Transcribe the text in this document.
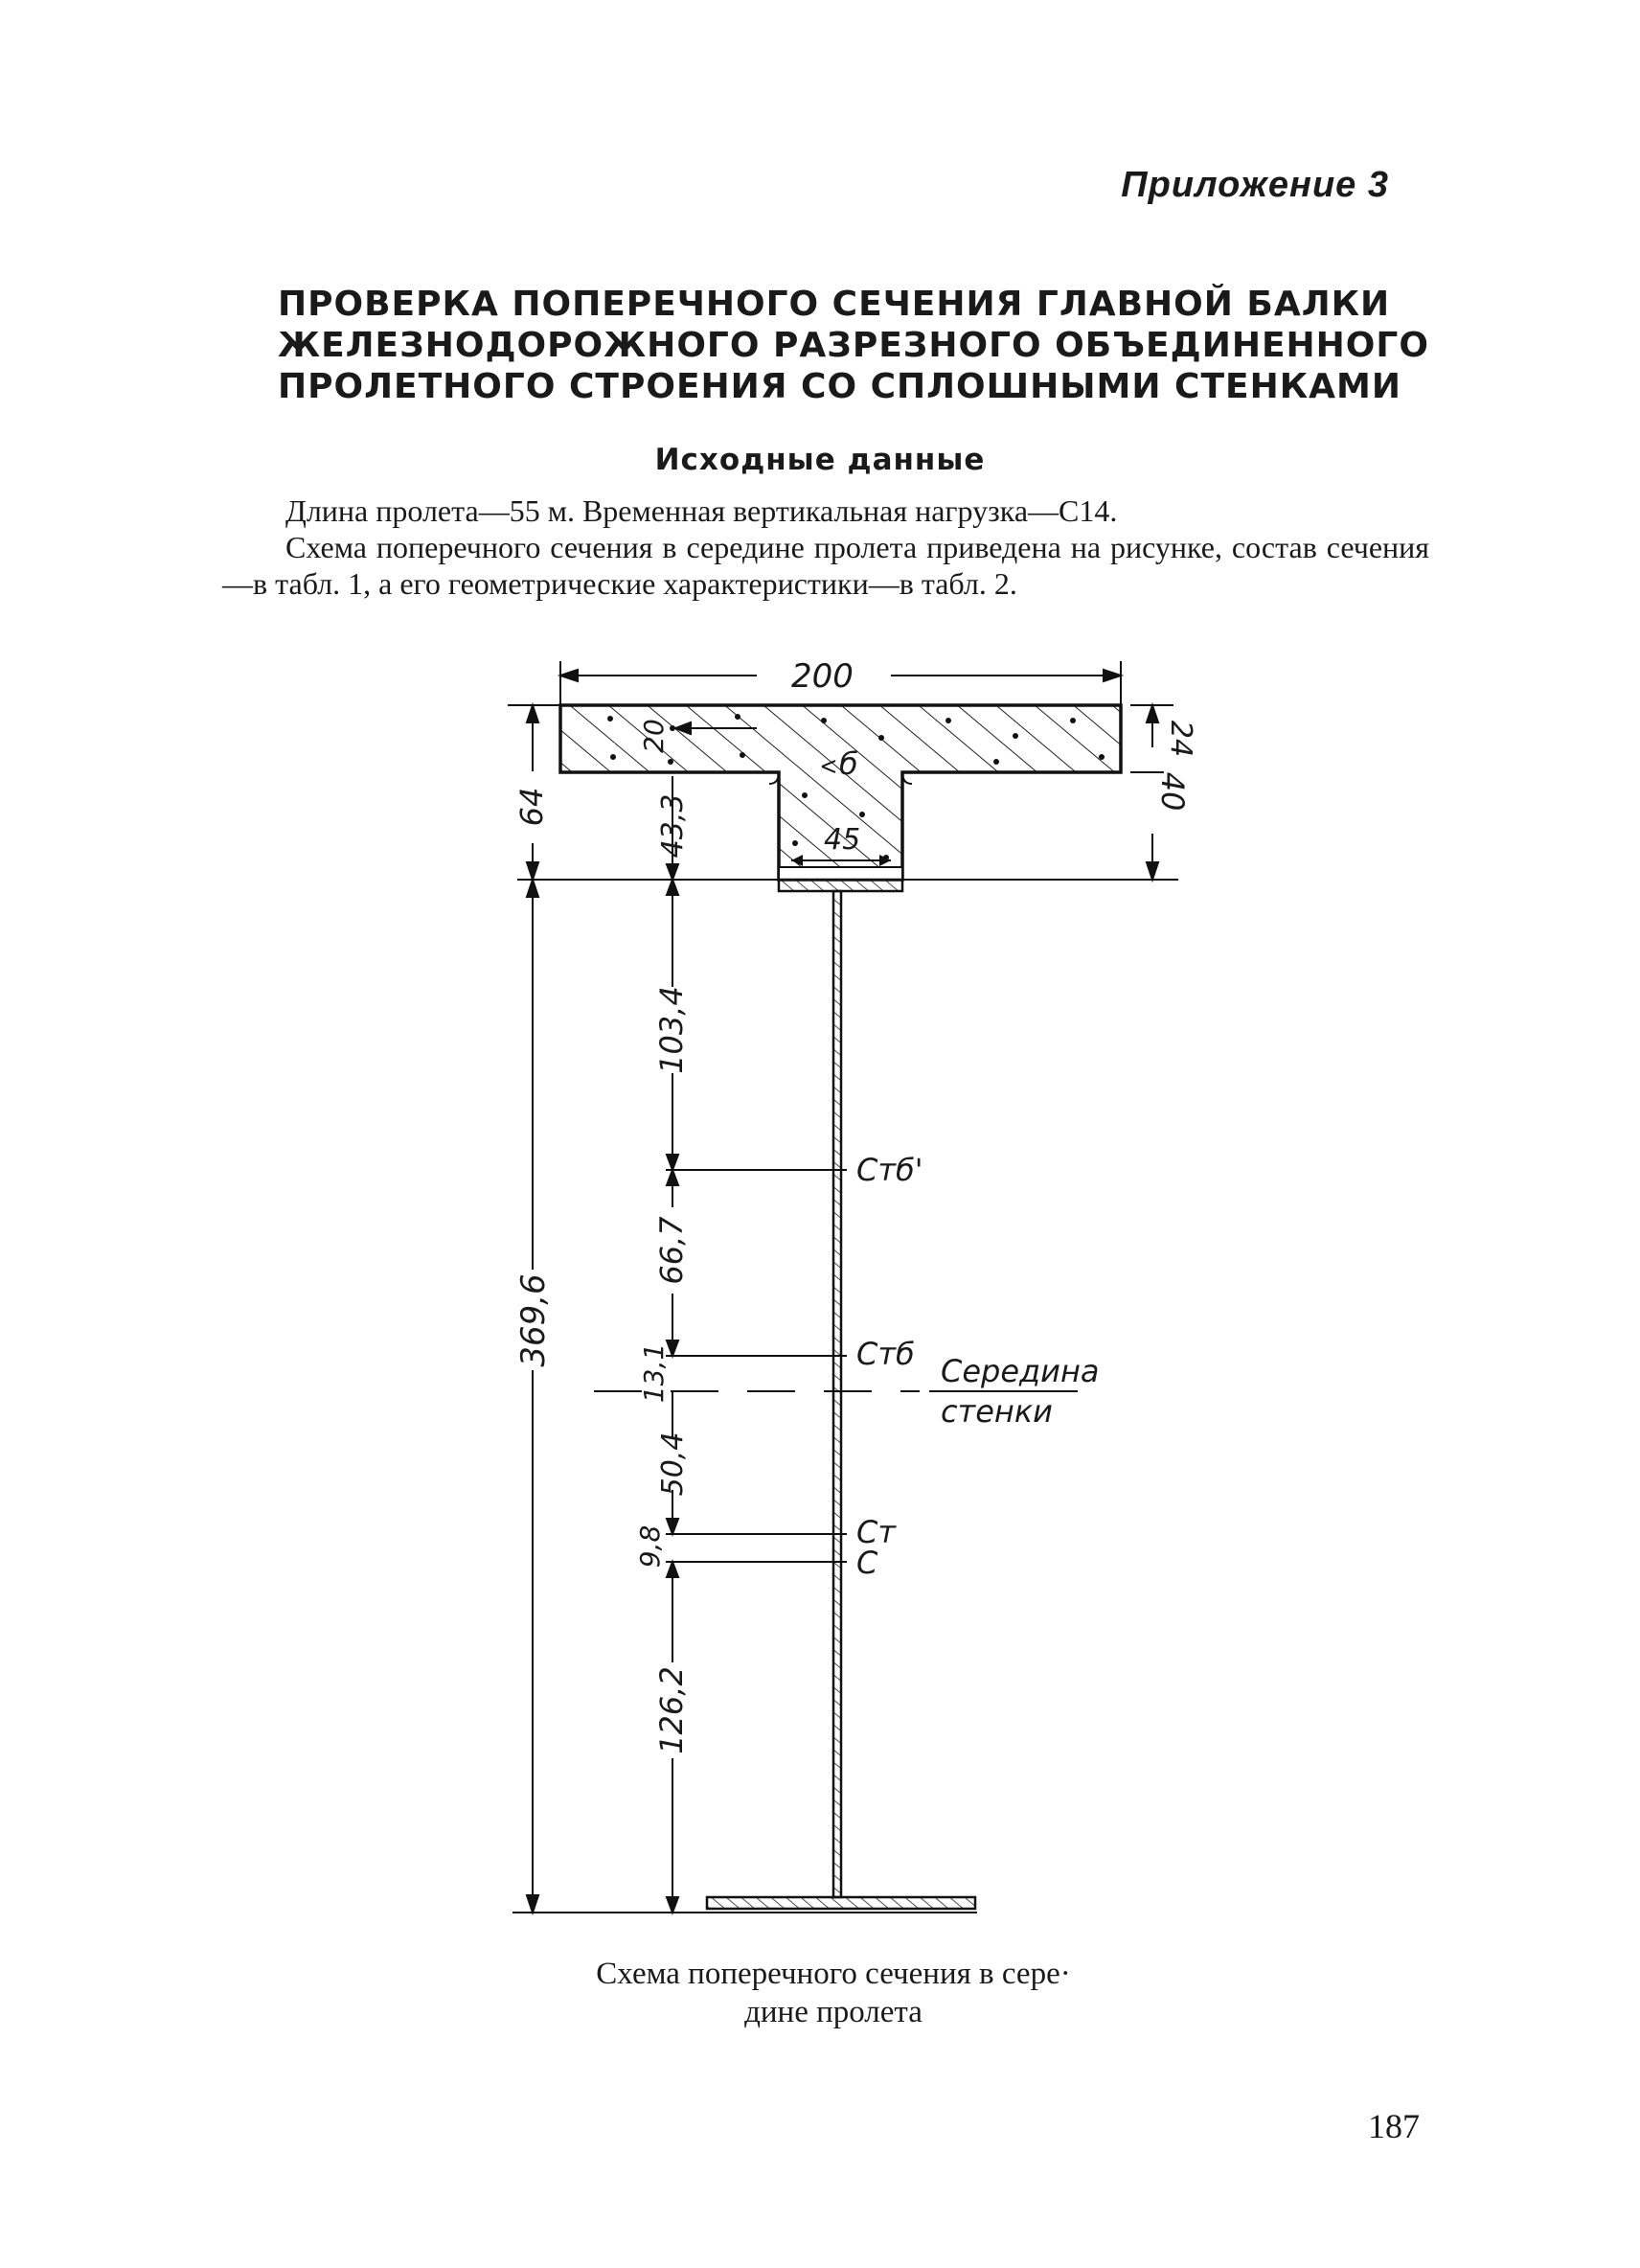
Приложение 3
ПРОВЕРКА ПОПЕРЕЧНОГО СЕЧЕНИЯ ГЛАВНОЙ БАЛКИ
ЖЕЛЕЗНОДОРОЖНОГО РАЗРЕЗНОГО ОБЪЕДИНЕННОГО
ПРОЛЕТНОГО СТРОЕНИЯ СО СПЛОШНЫМИ СТЕНКАМИ
Исходные данные

Длина пролета—55 м. Временная вертикальная нагрузка—С14.

Схема поперечного сечения в середине пролета приведена на рисунке, состав сечения—в табл. 1, а его геометрические характеристики—в табл. 2.

200
24
40
64
45
20
43,3
103,4
66,7
13,1
50,4
9,8
126,2
369,6
б
Стб'
Стб
Ст
С
Середина
стенки
Схема поперечного сечения в сере·
дине пролета
187
